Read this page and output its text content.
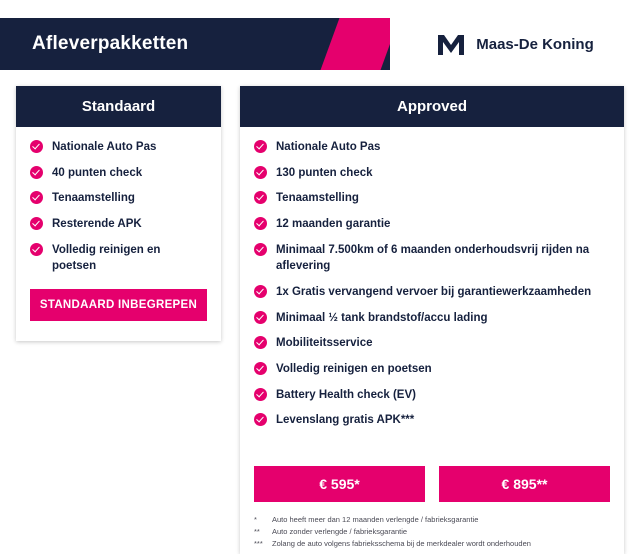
Afleverpakketten	Maas-De Koning
Standaard
Nationale Auto Pas
40 punten check
Tenaamstelling
Resterende APK
Volledig reinigen en poetsen
STANDAARD INBEGREPEN
Approved
Nationale Auto Pas
130 punten check
Tenaamstelling
12 maanden garantie
Minimaal 7.500km of 6 maanden onderhoudsvrij rijden na aflevering
1x Gratis vervangend vervoer bij garantiewerkzaamheden
Minimaal ½ tank brandstof/accu lading
Mobiliteitsservice
Volledig reinigen en poetsen
Battery Health check (EV)
Levenslang gratis APK***
€ 595*	€ 895**
*	Auto heeft meer dan 12 maanden verlengde / fabrieksgarantie
**	Auto zonder verlengde / fabrieksgarantie
***	Zolang de auto volgens fabrieksschema bij de merkdealer wordt onderhouden
